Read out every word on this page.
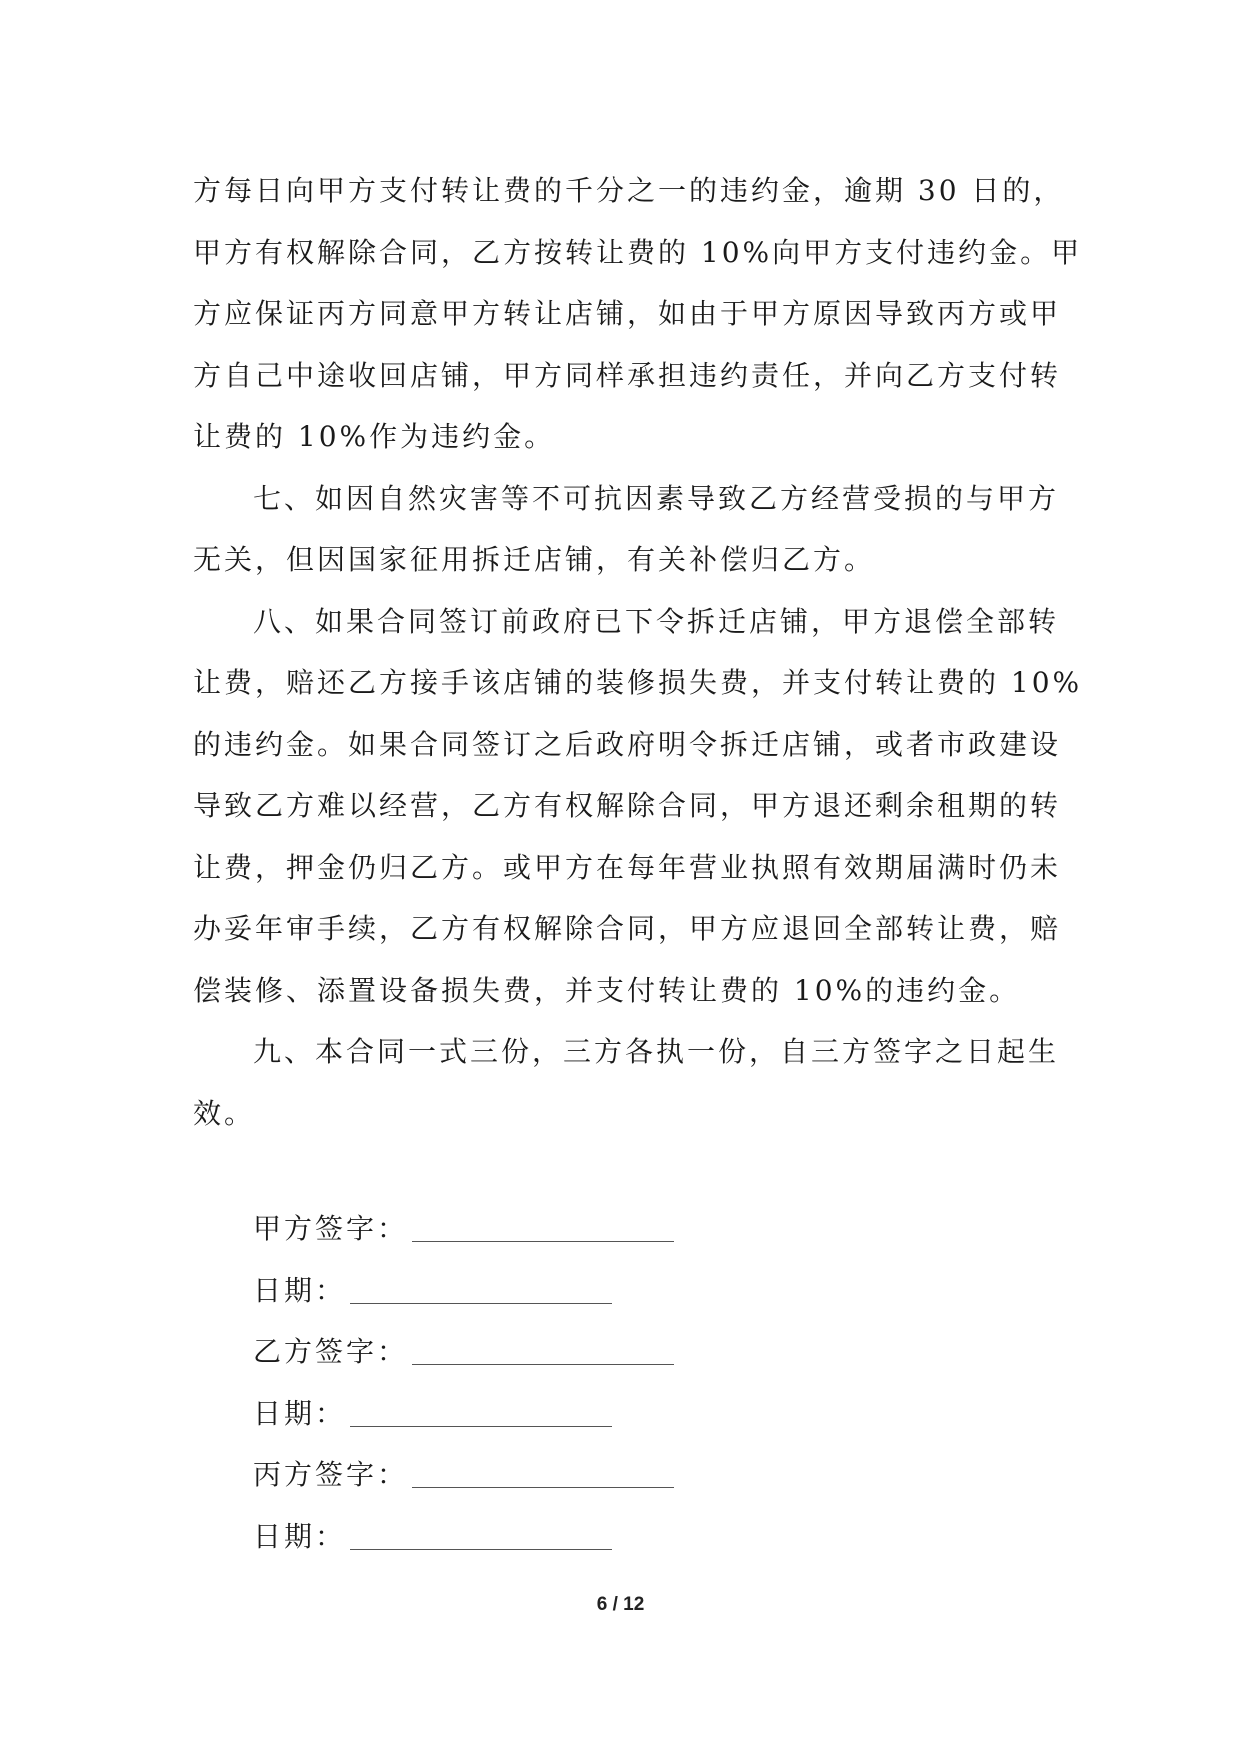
方每日向甲方支付转让费的千分之一的违约金，逾期 30 日的，
甲方有权解除合同，乙方按转让费的 10%向甲方支付违约金。甲
方应保证丙方同意甲方转让店铺，如由于甲方原因导致丙方或甲
方自己中途收回店铺，甲方同样承担违约责任，并向乙方支付转
让费的 10%作为违约金。

七、如因自然灾害等不可抗因素导致乙方经营受损的与甲方
无关，但因国家征用拆迁店铺，有关补偿归乙方。

八、如果合同签订前政府已下令拆迁店铺，甲方退偿全部转
让费，赔还乙方接手该店铺的装修损失费，并支付转让费的 10%
的违约金。如果合同签订之后政府明令拆迁店铺，或者市政建设
导致乙方难以经营，乙方有权解除合同，甲方退还剩余租期的转
让费，押金仍归乙方。或甲方在每年营业执照有效期届满时仍未
办妥年审手续，乙方有权解除合同，甲方应退回全部转让费，赔
偿装修、添置设备损失费，并支付转让费的 10%的违约金。

九、本合同一式三份，三方各执一份，自三方签字之日起生
效。

甲方签字：
日期：
乙方签字：
日期：
丙方签字：
日期：
6 / 12
